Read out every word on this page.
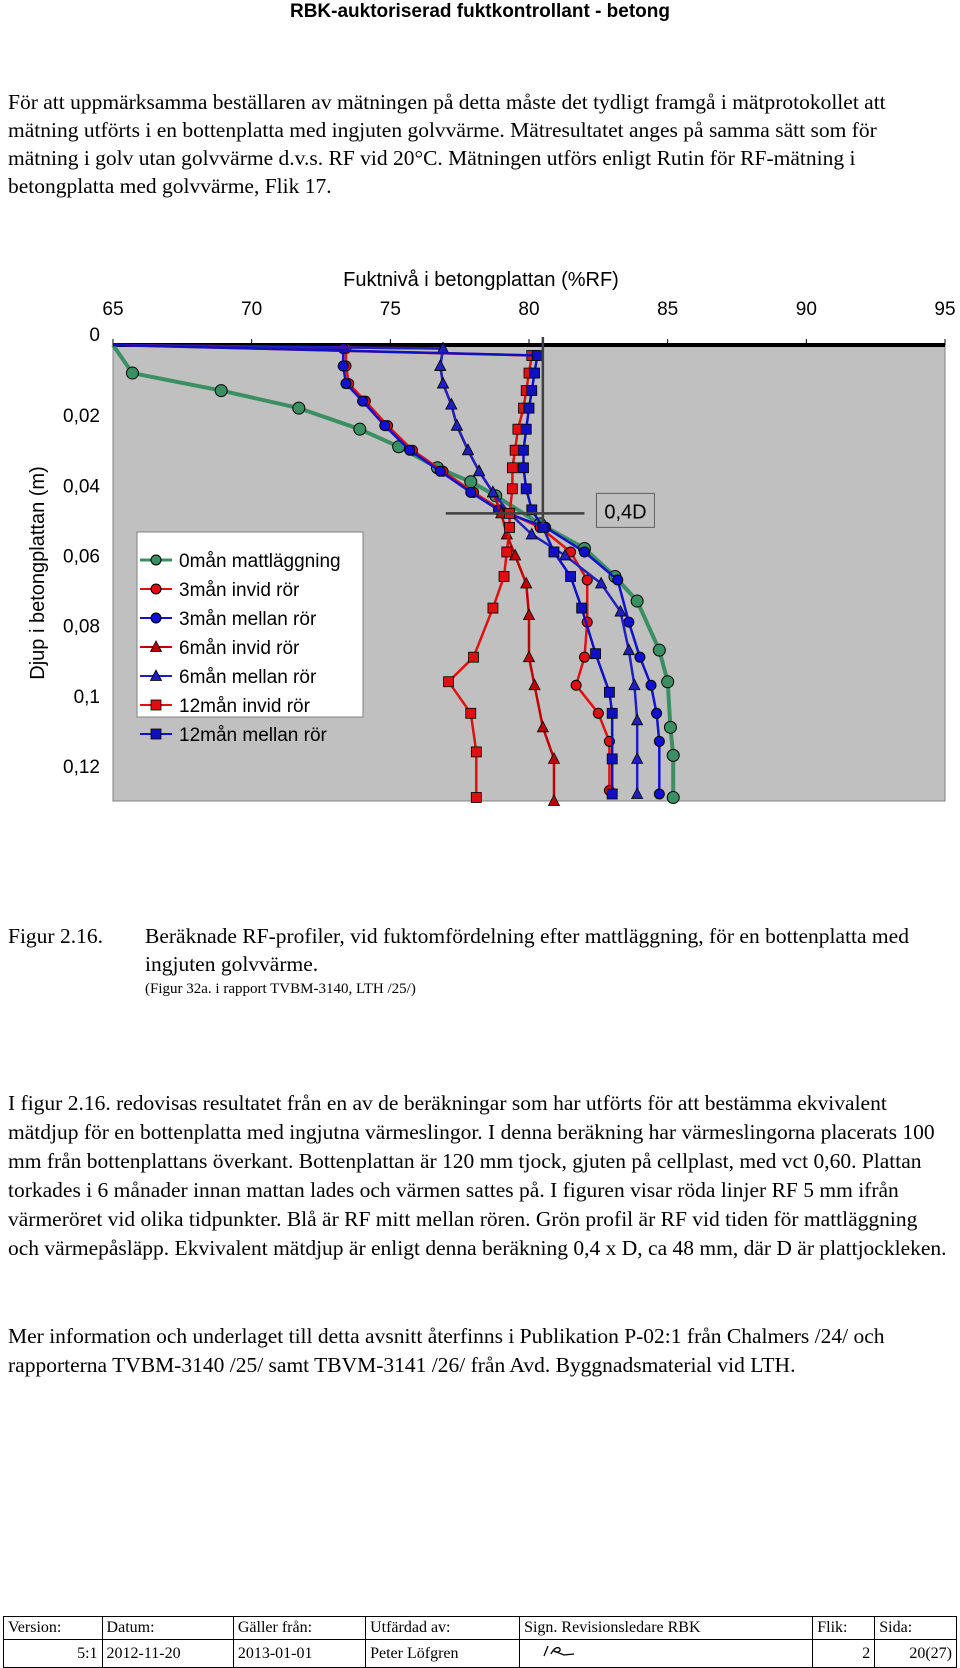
RBK-auktoriserad fuktkontrollant - betong

För att uppmärksamma beställaren av mätningen på detta måste det tydligt framgå i mätprotokollet att mätning utförts i en bottenplatta med ingjuten golvvärme. Mätresultatet anges på samma sätt som för mätning i golv utan golvvärme d.v.s. RF vid 20°C. Mätningen utförs enligt Rutin för RF-mätning i betongplatta med golvvärme, Flik 17.

Fuktnivå i betongplattan (%RF)
Djup i betongplattan (m)
65	70	75	80	85	90	95
0
0,02
0,04
0,06
0,08
0,1
0,12
0,4D
0mån mattläggning
3mån invid rör
3mån mellan rör
6mån invid rör
6mån mellan rör
12mån invid rör
12mån mellan rör
Figur 2.16. Beräknade RF-profiler, vid fuktomfördelning efter mattläggning, för en bottenplatta med ingjuten golvvärme.

(Figur 32a. i rapport TVBM-3140, LTH /25/)

I figur 2.16. redovisas resultatet från en av de beräkningar som har utförts för att bestämma ekvivalent mätdjup för en bottenplatta med ingjutna värmeslingor. I denna beräkning har värmeslingorna placerats 100 mm från bottenplattans överkant. Bottenplattan är 120 mm tjock, gjuten på cellplast, med vct 0,60. Plattan torkades i 6 månader innan mattan lades och värmen sattes på. I figuren visar röda linjer RF 5 mm ifrån värmeröret vid olika tidpunkter. Blå är RF mitt mellan rören. Grön profil är RF vid tiden för mattläggning och värmepåsläpp. Ekvivalent mätdjup är enligt denna beräkning 0,4 x D, ca 48 mm, där D är plattjockleken.

Mer information och underlaget till detta avsnitt återfinns i Publikation P-02:1 från Chalmers /24/ och rapporterna TVBM-3140 /25/ samt TBVM-3141 /26/ från Avd. Byggnadsmaterial vid LTH.

Version:	Datum:	Gäller från:	Utfärdad av:	Sign. Revisionsledare RBK	Flik:	Sida:
5:1	2012-11-20	2013-01-01	Peter Löfgren		2	20(27)
